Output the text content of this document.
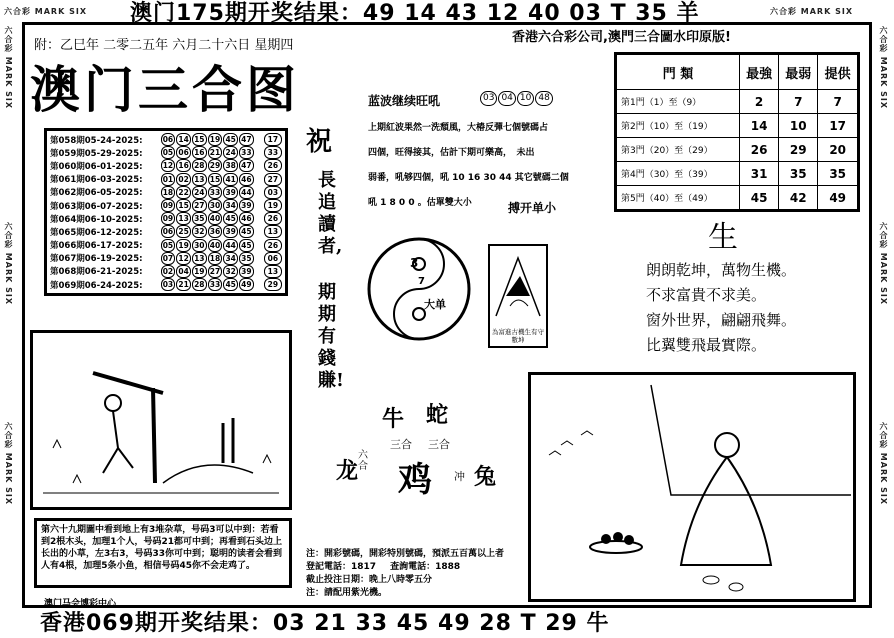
六合彩 MARK SIX	六合彩 MARK SIX
六合彩 MARK SIX
六合彩 MARK SIX
六合彩 MARK SIX
六合彩 MARK SIX
六合彩 MARK SIX
六合彩 MARK SIX
澳门175期开奖结果：49 14 43 12 40 03 T 35 羊
附：乙巳年 二零二五年 六月二十六日 星期四
香港六合彩公司,澳門三合圖水印原版!
澳门三合图
第058期05-24-2025:	06 14 15 19 45 47	17
第059期05-29-2025:	05 06 16 21 24 33	33
第060期06-01-2025:	12 16 28 29 38 47	26
第061期06-03-2025:	01 02 13 15 41 46	27
第062期06-05-2025:	18 22 24 33 39 44	03
第063期06-07-2025:	09 15 27 30 34 39	19
第064期06-10-2025:	09 13 35 40 45 46	26
第065期06-12-2025:	06 25 32 36 39 45	13
第066期06-17-2025:	05 19 30 40 44 45	26
第067期06-19-2025:	07 12 13 18 34 35	06
第068期06-21-2025:	02 04 19 27 32 39	13
第069期06-24-2025:	03 21 28 33 45 49	29
門 類	最強	最弱	提供
第1門（1）至（9）	2	7	7
第2門（10）至（19）	14	10	17
第3門（20）至（29）	26	29	20
第4門（30）至（39）	31	35	35
第5門（40）至（49）	45	42	49
祝
長追讀者,
期期有錢賺!
蓝波继续旺吼	03 04 10 48
上期紅波果然一洗頹風，大椿反彈七個號碼占
四個，旺得接其，估計下期可樂高，　未出
弱番，吼够四個，吼 10 16 30 44 其它號碼二個
吼 1 8 0 0 。估單雙大小	搏开单小
3
7
大单
為富進古機生有守數坤
生
朗朗乾坤，萬物生機。
不求富貴不求美。
窗外世界，翩翩飛舞。
比翼雙飛最實際。
牛 蛇
三合 三合
龙
六合 鸡 冲 兔
第六十九期圖中看到地上有3堆杂草，号码3可以中到：若看到2根木头，加理1个人，号码21都可中到；再看到石头边上长出的小草，左3右3，号码33你可中到；聪明的读者会看到人有4根，加理5条小鱼，相信号码45你不会走鸡了。
澳门马会博彩中心
注：開彩號碼，開彩特別號碼，預派五百萬以上者
登記電話：1817 查詢電話：1888
截止投注日期：晚上八時零五分
注：請配用紫光機。
香港069期开奖结果：03 21 33 45 49 28 T 29 牛
